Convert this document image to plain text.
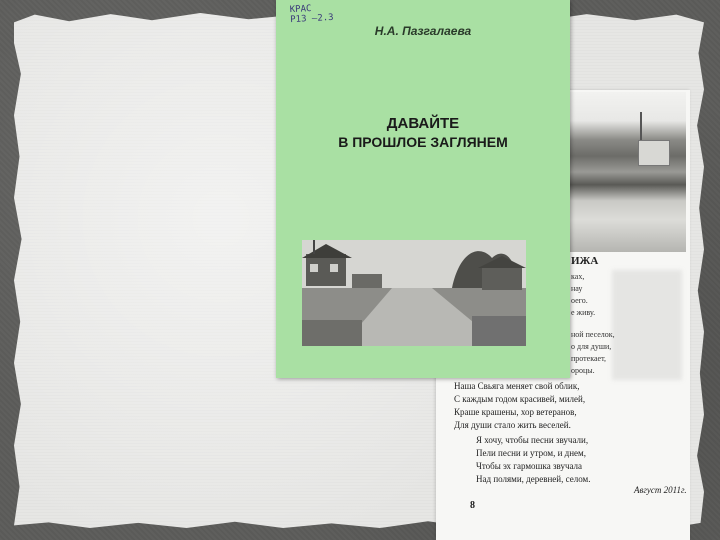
ИЖА
ках,
нау
оего.
е живу.
ной песелок,
о для души,
протекает,
ороцы.
Наша Свьяга меняет свой облик,
С каждым годом красивей, милей,
Краше крашены, хор ветеранов,
Для души стало жить веселей.
Я хочу, чтобы песни звучали,
Пели песни и утром, и днем,
Чтобы эх гармошка звучала
Над полями, деревней, селом.
Август 2011г.
8
КРАС
Р13 —2.3
Н.А. Пазгалаева
ДАВАЙТЕ
В ПРОШЛОЕ ЗАГЛЯНЕМ
